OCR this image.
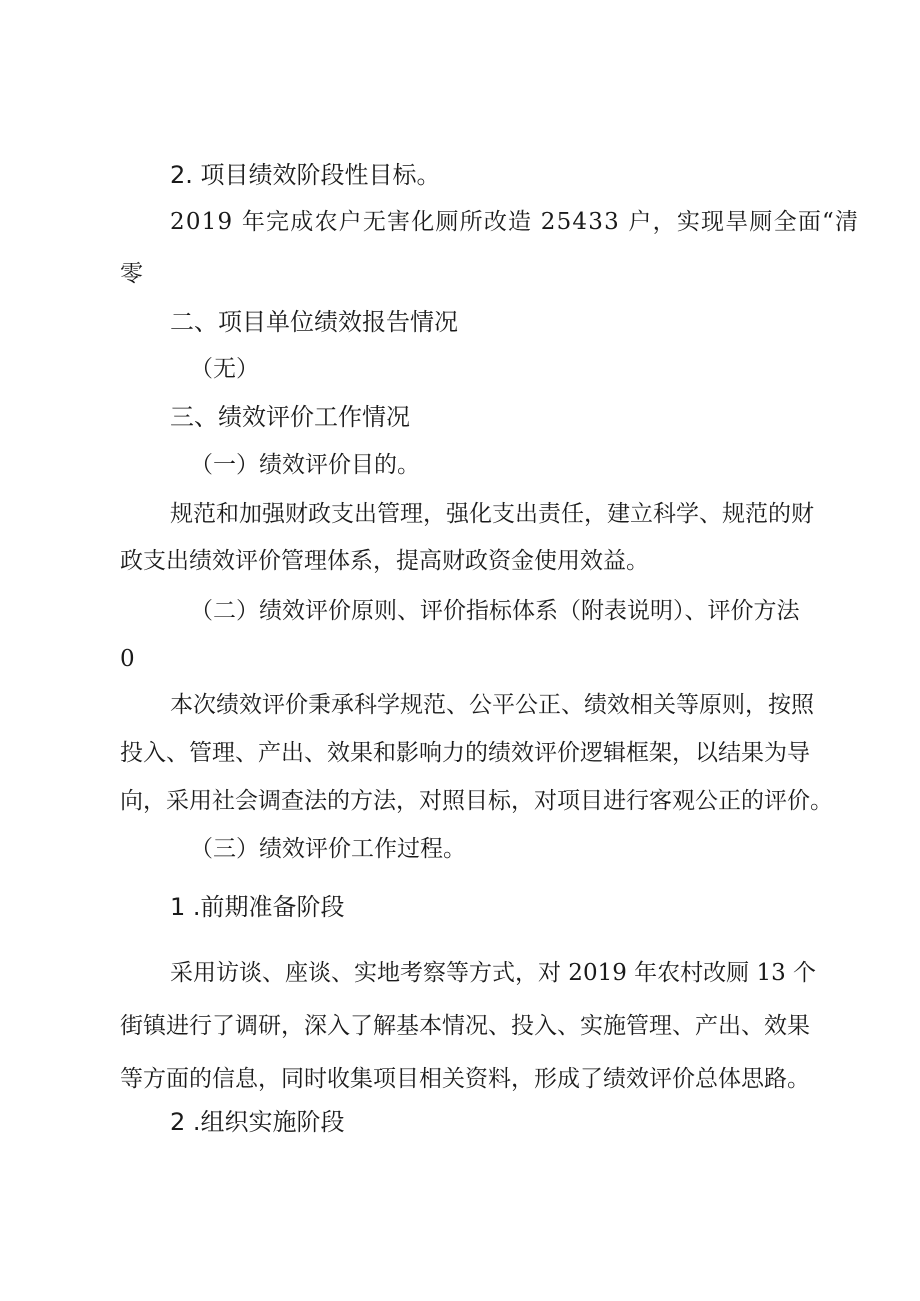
2. 项目绩效阶段性目标。
2019 年完成农户无害化厕所改造 25433 户，实现旱厕全面“清
零
二、项目单位绩效报告情况
（无）
三、绩效评价工作情况
（一）绩效评价目的。
规范和加强财政支出管理，强化支出责任，建立科学、规范的财
政支出绩效评价管理体系，提高财政资金使用效益。
（二）绩效评价原则、评价指标体系（附表说明）、评价方法
0
本次绩效评价秉承科学规范、公平公正、绩效相关等原则，按照
投入、管理、产出、效果和影响力的绩效评价逻辑框架，以结果为导
向，采用社会调查法的方法，对照目标，对项目进行客观公正的评价。
（三）绩效评价工作过程。
1 .前期准备阶段
采用访谈、座谈、实地考察等方式，对 2019 年农村改厕 13 个
街镇进行了调研，深入了解基本情况、投入、实施管理、产出、效果
等方面的信息，同时收集项目相关资料，形成了绩效评价总体思路。
2 .组织实施阶段
